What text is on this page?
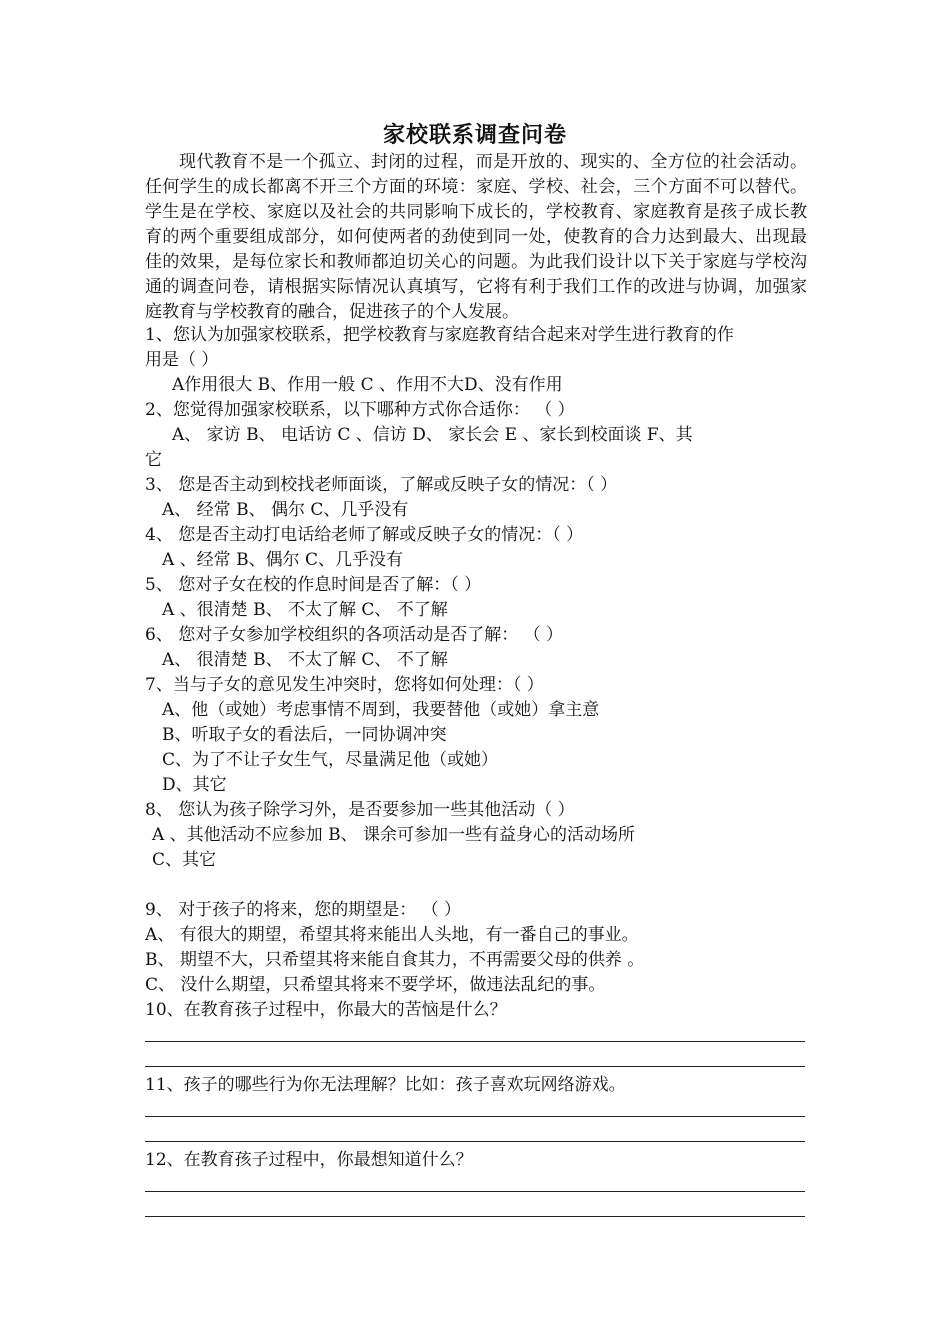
家校联系调查问卷

现代教育不是一个孤立、封闭的过程，而是开放的、现实的、全方位的社会活动。任何学生的成长都离不开三个方面的环境：家庭、学校、社会，三个方面不可以替代。学生是在学校、家庭以及社会的共同影响下成长的，学校教育、家庭教育是孩子成长教育的两个重要组成部分，如何使两者的劲使到同一处，使教育的合力达到最大、出现最佳的效果，是每位家长和教师都迫切关心的问题。为此我们设计以下关于家庭与学校沟通的调查问卷，请根据实际情况认真填写，它将有利于我们工作的改进与协调，加强家庭教育与学校教育的融合，促进孩子的个人发展。

1、您认为加强家校联系，把学校教育与家庭教育结合起来对学生进行教育的作
用是（ ）
A作用很大 B、作用一般 C 、作用不大D、没有作用
2、您觉得加强家校联系，以下哪种方式你合适你： （ ）
A、 家访 B、 电话访 C 、信访 D、 家长会 E 、家长到校面谈 F、其
它
3、 您是否主动到校找老师面谈，了解或反映子女的情况：（ ）
A、 经常 B、 偶尔 C、几乎没有
4、 您是否主动打电话给老师了解或反映子女的情况：（ ）
A 、经常 B、偶尔 C、几乎没有
5、 您对子女在校的作息时间是否了解：（ ）
A 、很清楚 B、 不太了解 C、 不了解
6、 您对子女参加学校组织的各项活动是否了解： （ ）
A、 很清楚 B、 不太了解 C、 不了解
7、当与子女的意见发生冲突时，您将如何处理：（ ）
A、他（或她）考虑事情不周到，我要替他（或她）拿主意
B、听取子女的看法后，一同协调冲突
C、为了不让子女生气，尽量满足他（或她）
D、其它
8、 您认为孩子除学习外，是否要参加一些其他活动（ ）
A 、其他活动不应参加 B、 课余可参加一些有益身心的活动场所
C、其它
9、 对于孩子的将来，您的期望是： （ ）
A、 有很大的期望，希望其将来能出人头地，有一番自己的事业。
B、 期望不大，只希望其将来能自食其力，不再需要父母的供养 。
C、 没什么期望，只希望其将来不要学坏，做违法乱纪的事。
10、在教育孩子过程中，你最大的苦恼是什么？
11、孩子的哪些行为你无法理解？比如：孩子喜欢玩网络游戏。
12、在教育孩子过程中，你最想知道什么？
